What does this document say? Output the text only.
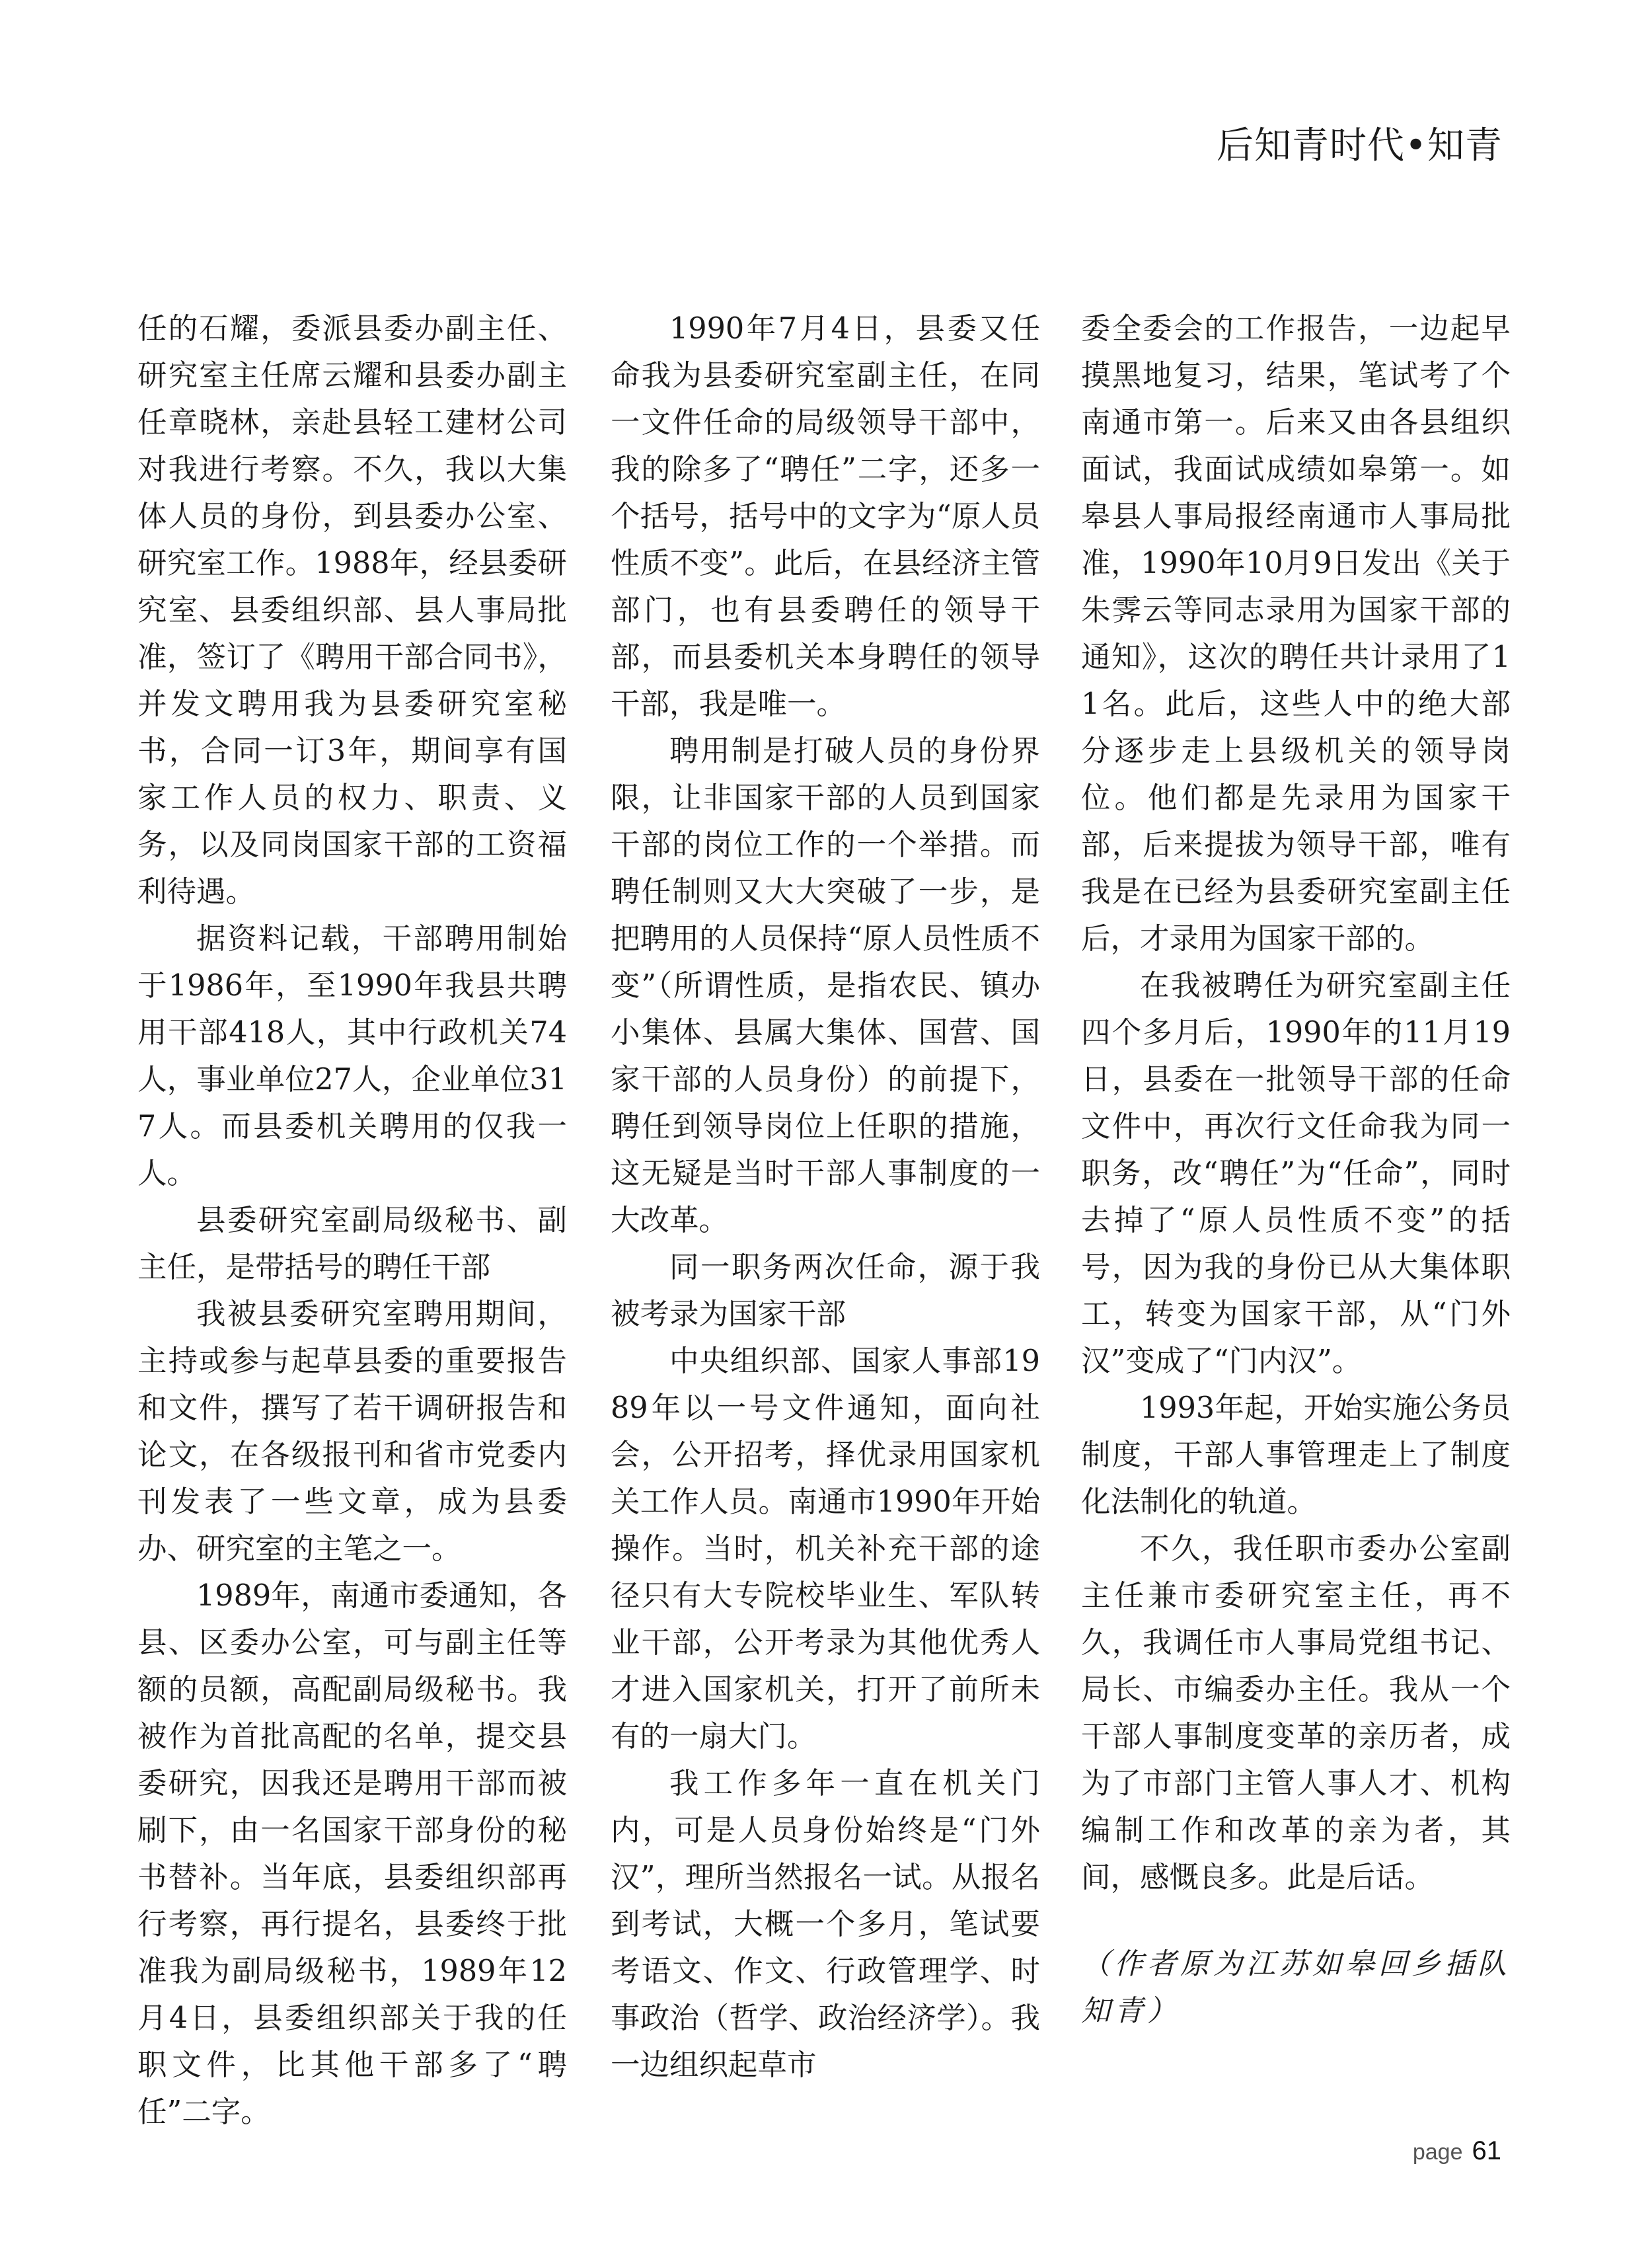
后知青时代•知青

任的石耀，委派县委办副主任、研究室主任席云耀和县委办副主任章晓林，亲赴县轻工建材公司对我进行考察。不久，我以大集体人员的身份，到县委办公室、研究室工作。1988年，经县委研究室、县委组织部、县人事局批准，签订了《聘用干部合同书》，并发文聘用我为县委研究室秘书，合同一订3年，期间享有国家工作人员的权力、职责、义务，以及同岗国家干部的工资福利待遇。

据资料记载，干部聘用制始于1986年，至1990年我县共聘用干部418人，其中行政机关74人，事业单位27人，企业单位317人。而县委机关聘用的仅我一人。

县委研究室副局级秘书、副主任，是带括号的聘任干部

我被县委研究室聘用期间，主持或参与起草县委的重要报告和文件，撰写了若干调研报告和论文，在各级报刊和省市党委内刊发表了一些文章，成为县委办、研究室的主笔之一。

1989年，南通市委通知，各县、区委办公室，可与副主任等额的员额，高配副局级秘书。我被作为首批高配的名单，提交县委研究，因我还是聘用干部而被刷下，由一名国家干部身份的秘书替补。当年底，县委组织部再行考察，再行提名，县委终于批准我为副局级秘书，1989年12月4日，县委组织部关于我的任职文件，比其他干部多了“聘任”二字。

1990年7月4日，县委又任命我为县委研究室副主任，在同一文件任命的局级领导干部中，我的除多了“聘任”二字，还多一个括号，括号中的文字为“原人员性质不变”。此后，在县经济主管部门，也有县委聘任的领导干部，而县委机关本身聘任的领导干部，我是唯一。

聘用制是打破人员的身份界限，让非国家干部的人员到国家干部的岗位工作的一个举措。而聘任制则又大大突破了一步，是把聘用的人员保持“原人员性质不变”（所谓性质，是指农民、镇办小集体、县属大集体、国营、国家干部的人员身份）的前提下，聘任到领导岗位上任职的措施，这无疑是当时干部人事制度的一大改革。

同一职务两次任命，源于我被考录为国家干部

中央组织部、国家人事部1989年以一号文件通知，面向社会，公开招考，择优录用国家机关工作人员。南通市1990年开始操作。当时，机关补充干部的途径只有大专院校毕业生、军队转业干部，公开考录为其他优秀人才进入国家机关，打开了前所未有的一扇大门。

我工作多年一直在机关门内，可是人员身份始终是“门外汉”，理所当然报名一试。从报名到考试，大概一个多月，笔试要考语文、作文、行政管理学、时事政治（哲学、政治经济学）。我一边组织起草市

委全委会的工作报告，一边起早摸黑地复习，结果，笔试考了个南通市第一。后来又由各县组织面试，我面试成绩如皋第一。如皋县人事局报经南通市人事局批准，1990年10月9日发出《关于朱霁云等同志录用为国家干部的通知》，这次的聘任共计录用了11名。此后，这些人中的绝大部分逐步走上县级机关的领导岗位。他们都是先录用为国家干部，后来提拔为领导干部，唯有我是在已经为县委研究室副主任后，才录用为国家干部的。

在我被聘任为研究室副主任四个多月后，1990年的11月19日，县委在一批领导干部的任命文件中，再次行文任命我为同一职务，改“聘任”为“任命”，同时去掉了“原人员性质不变”的括号，因为我的身份已从大集体职工，转变为国家干部，从“门外汉”变成了“门内汉”。

1993年起，开始实施公务员制度，干部人事管理走上了制度化法制化的轨道。

不久，我任职市委办公室副主任兼市委研究室主任，再不久，我调任市人事局党组书记、局长、市编委办主任。我从一个干部人事制度变革的亲历者，成为了市部门主管人事人才、机构编制工作和改革的亲为者，其间，感慨良多。此是后话。

（作者原为江苏如皋回乡插队知青）

page 61
